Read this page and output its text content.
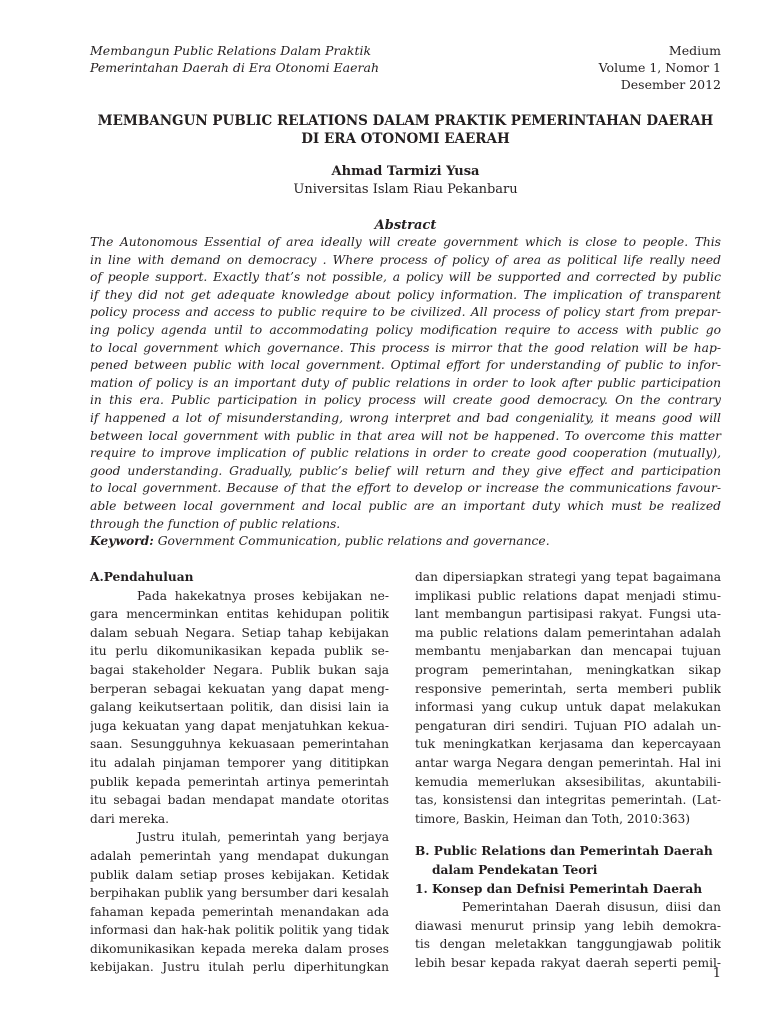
Membangun Public Relations Dalam Praktik
Pemerintahan Daerah di Era Otonomi Eaerah
Medium
Volume 1, Nomor 1
Desember 2012
MEMBANGUN PUBLIC RELATIONS DALAM PRAKTIK PEMERINTAHAN DAERAH
DI ERA OTONOMI EAERAH
Ahmad Tarmizi Yusa
Universitas Islam Riau Pekanbaru
Abstract
The Autonomous Essential of area ideally will create government which is close to people. This
in line with demand on democracy . Where process of policy of area as political life really need
of people support. Exactly that’s not possible, a policy will be supported and corrected by public
if they did not get adequate knowledge about policy information. The implication of transparent
policy process and access to public require to be civilized. All process of policy start from prepar-
ing policy agenda until to accommodating policy modification require to access with public go
to local government which governance. This process is mirror that the good relation will be hap-
pened between public with local government. Optimal effort for understanding of public to infor-
mation of policy is an important duty of public relations in order to look after public participation
in this era. Public participation in policy process will create good democracy. On the contrary
if happened a lot of misunderstanding, wrong interpret and bad congeniality, it means good will
between local government with public in that area will not be happened. To overcome this matter
require to improve implication of public relations in order to create good cooperation (mutually),
good understanding. Gradually, public’s belief will return and they give effect and participation
to local government. Because of that the effort to develop or increase the communications favour-
able between local government and local public are an important duty which must be realized
through the function of public relations.
Keyword: Government Communication, public relations and governance.
A.Pendahuluan
Pada hakekatnya proses kebijakan ne-
gara mencerminkan entitas kehidupan politik
dalam sebuah Negara. Setiap tahap kebijakan
itu perlu dikomunikasikan kepada publik se-
bagai stakeholder Negara. Publik bukan saja
berperan sebagai kekuatan yang dapat meng-
galang keikutsertaan politik, dan disisi lain ia
juga kekuatan yang dapat menjatuhkan kekua-
saan. Sesungguhnya kekuasaan pemerintahan
itu adalah pinjaman temporer yang dititipkan
publik kepada pemerintah artinya pemerintah
itu sebagai badan mendapat mandate otoritas
dari mereka.
Justru itulah, pemerintah yang berjaya
adalah pemerintah yang mendapat dukungan
publik dalam setiap proses kebijakan. Ketidak
berpihakan publik yang bersumber dari kesalah
fahaman kepada pemerintah menandakan ada
informasi dan hak-hak politik politik yang tidak
dikomunikasikan kepada mereka dalam proses
kebijakan. Justru itulah perlu diperhitungkan
dan dipersiapkan strategi yang tepat bagaimana
implikasi public relations dapat menjadi stimu-
lant membangun partisipasi rakyat. Fungsi uta-
ma public relations dalam pemerintahan adalah
membantu menjabarkan dan mencapai tujuan
program pemerintahan, meningkatkan sikap
responsive pemerintah, serta memberi publik
informasi yang cukup untuk dapat melakukan
pengaturan diri sendiri. Tujuan PIO adalah un-
tuk meningkatkan kerjasama dan kepercayaan
antar warga Negara dengan pemerintah. Hal ini
kemudia memerlukan aksesibilitas, akuntabili-
tas, konsistensi dan integritas pemerintah. (Lat-
timore, Baskin, Heiman dan Toth, 2010:363)
B. Public Relations dan Pemerintah Daerah
dalam Pendekatan Teori
1. Konsep dan Defnisi Pemerintah Daerah
Pemerintahan Daerah disusun, diisi dan
diawasi menurut prinsip yang lebih demokra-
tis dengan meletakkan tanggungjawab politik
lebih besar kepada rakyat daerah seperti pemil-
1
